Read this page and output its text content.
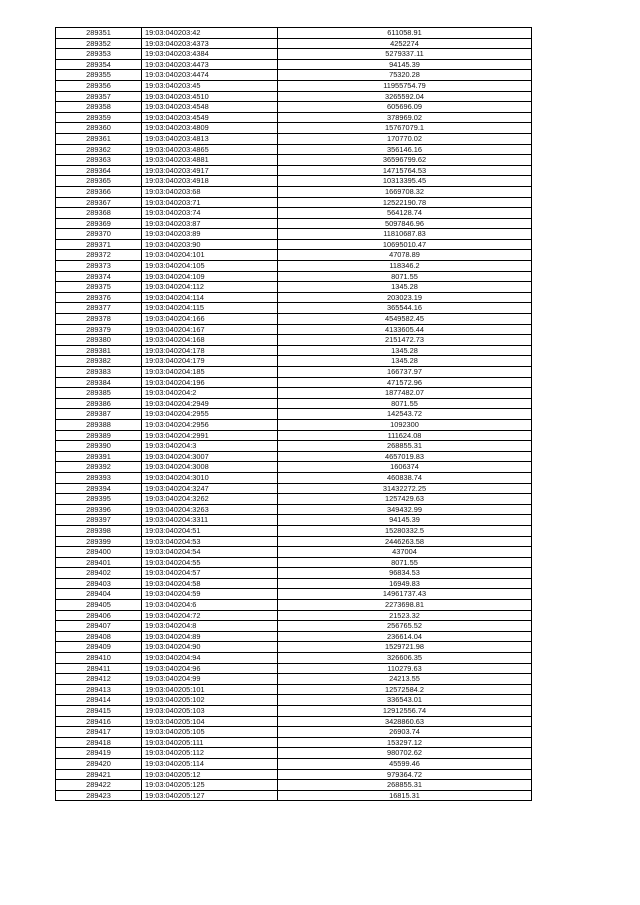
289351	19:03:040203:42	611058.91
289352	19:03:040203:4373	4252274
289353	19:03:040203:4384	5279337.11
289354	19:03:040203:4473	94145.39
289355	19:03:040203:4474	75320.28
289356	19:03:040203:45	11955754.79
289357	19:03:040203:4510	3265592.04
289358	19:03:040203:4548	605696.09
289359	19:03:040203:4549	378969.02
289360	19:03:040203:4809	15767079.1
289361	19:03:040203:4813	170770.02
289362	19:03:040203:4865	356146.16
289363	19:03:040203:4881	36596799.62
289364	19:03:040203:4917	14715764.53
289365	19:03:040203:4918	10313395.45
289366	19:03:040203:68	1669708.32
289367	19:03:040203:71	12522190.78
289368	19:03:040203:74	564128.74
289369	19:03:040203:87	5097846.96
289370	19:03:040203:89	11810687.83
289371	19:03:040203:90	10695010.47
289372	19:03:040204:101	47078.89
289373	19:03:040204:105	118346.2
289374	19:03:040204:109	8071.55
289375	19:03:040204:112	1345.28
289376	19:03:040204:114	203023.19
289377	19:03:040204:115	365544.16
289378	19:03:040204:166	4549582.45
289379	19:03:040204:167	4133605.44
289380	19:03:040204:168	2151472.73
289381	19:03:040204:178	1345.28
289382	19:03:040204:179	1345.28
289383	19:03:040204:185	166737.97
289384	19:03:040204:196	471572.96
289385	19:03:040204:2	1877482.07
289386	19:03:040204:2949	8071.55
289387	19:03:040204:2955	142543.72
289388	19:03:040204:2956	1092300
289389	19:03:040204:2991	111624.08
289390	19:03:040204:3	268855.31
289391	19:03:040204:3007	4657019.83
289392	19:03:040204:3008	1606374
289393	19:03:040204:3010	460838.74
289394	19:03:040204:3247	31432272.25
289395	19:03:040204:3262	1257429.63
289396	19:03:040204:3263	349432.99
289397	19:03:040204:3311	94145.39
289398	19:03:040204:51	15280332.5
289399	19:03:040204:53	2446263.58
289400	19:03:040204:54	437004
289401	19:03:040204:55	8071.55
289402	19:03:040204:57	96834.53
289403	19:03:040204:58	16949.83
289404	19:03:040204:59	14961737.43
289405	19:03:040204:6	2273698.81
289406	19:03:040204:72	21523.32
289407	19:03:040204:8	256765.52
289408	19:03:040204:89	236614.04
289409	19:03:040204:90	1529721.98
289410	19:03:040204:94	326606.35
289411	19:03:040204:96	110279.63
289412	19:03:040204:99	24213.55
289413	19:03:040205:101	12572584.2
289414	19:03:040205:102	336543.01
289415	19:03:040205:103	12912556.74
289416	19:03:040205:104	3428860.63
289417	19:03:040205:105	26903.74
289418	19:03:040205:111	153297.12
289419	19:03:040205:112	980702.62
289420	19:03:040205:114	45599.46
289421	19:03:040205:12	979364.72
289422	19:03:040205:125	268855.31
289423	19:03:040205:127	16815.31
